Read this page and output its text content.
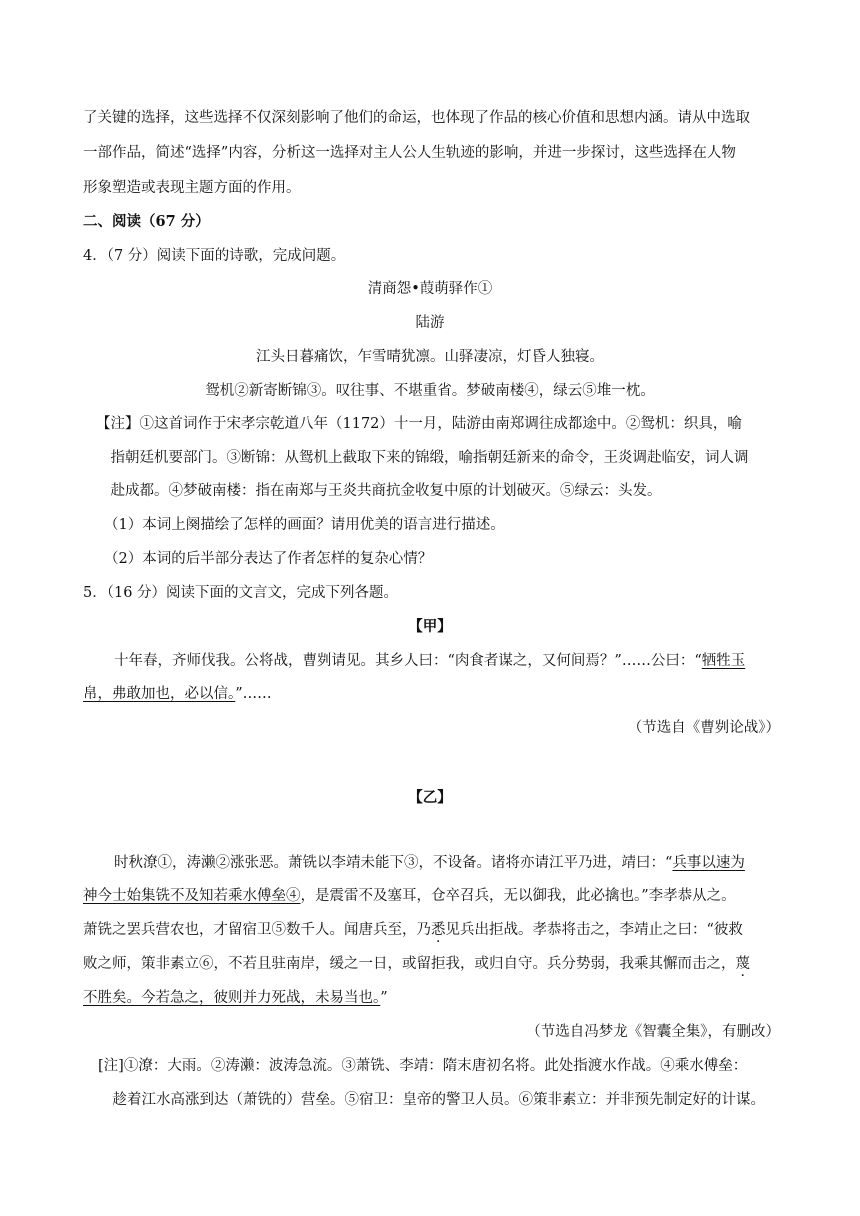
了关键的选择，这些选择不仅深刻影响了他们的命运，也体现了作品的核心价值和思想内涵。请从中选取
一部作品，简述“选择”内容，分析这一选择对主人公人生轨迹的影响，并进一步探讨，这些选择在人物
形象塑造或表现主题方面的作用。
二、阅读（67 分）
4．（7 分）阅读下面的诗歌，完成问题。
清商怨•葭萌驿作①
陆游
江头日暮痛饮，乍雪晴犹凛。山驿凄凉，灯昏人独寝。
鸳机②新寄断锦③。叹往事、不堪重省。梦破南楼④，绿云⑤堆一枕。
【注】①这首词作于宋孝宗乾道八年（1172）十一月，陆游由南郑调往成都途中。②鸳机：织具，喻
指朝廷机要部门。③断锦：从鸳机上截取下来的锦缎，喻指朝廷新来的命令，王炎调赴临安，词人调
赴成都。④梦破南楼：指在南郑与王炎共商抗金收复中原的计划破灭。⑤绿云：头发。
（1）本词上阕描绘了怎样的画面？请用优美的语言进行描述。
（2）本词的后半部分表达了作者怎样的复杂心情？
5．（16 分）阅读下面的文言文，完成下列各题。
【甲】
十年春，齐师伐我。公将战，曹刿请见。其乡人曰：“肉食者谋之，又何间焉？”……公曰：“牺牲玉
帛，弗敢加也，必以信。”……
（节选自《曹刿论战》）
【乙】
时秋潦①，涛濑②涨张恶。萧铣以李靖未能下③，不设备。诸将亦请江平乃进，靖曰：“兵事以速为
神今士始集铣不及知若乘水傅垒④，是震雷不及塞耳，仓卒召兵，无以御我，此必擒也。”李孝恭从之。
萧铣之罢兵营农也，才留宿卫⑤数千人。闻唐兵至，乃悉见兵出拒战。孝恭将击之，李靖止之曰：“彼救
败之师，策非素立⑥，不若且驻南岸，缓之一日，或留拒我，或归自守。兵分势弱，我乘其懈而击之，蔑
不胜矣。今若急之，彼则并力死战，未易当也。”
（节选自冯梦龙《智囊全集》，有删改）
[注]①潦：大雨。②涛濑：波涛急流。③萧铣、李靖：隋末唐初名将。此处指渡水作战。④乘水傅垒：
趁着江水高涨到达（萧铣的）营垒。⑤宿卫：皇帝的警卫人员。⑥策非素立：并非预先制定好的计谋。
